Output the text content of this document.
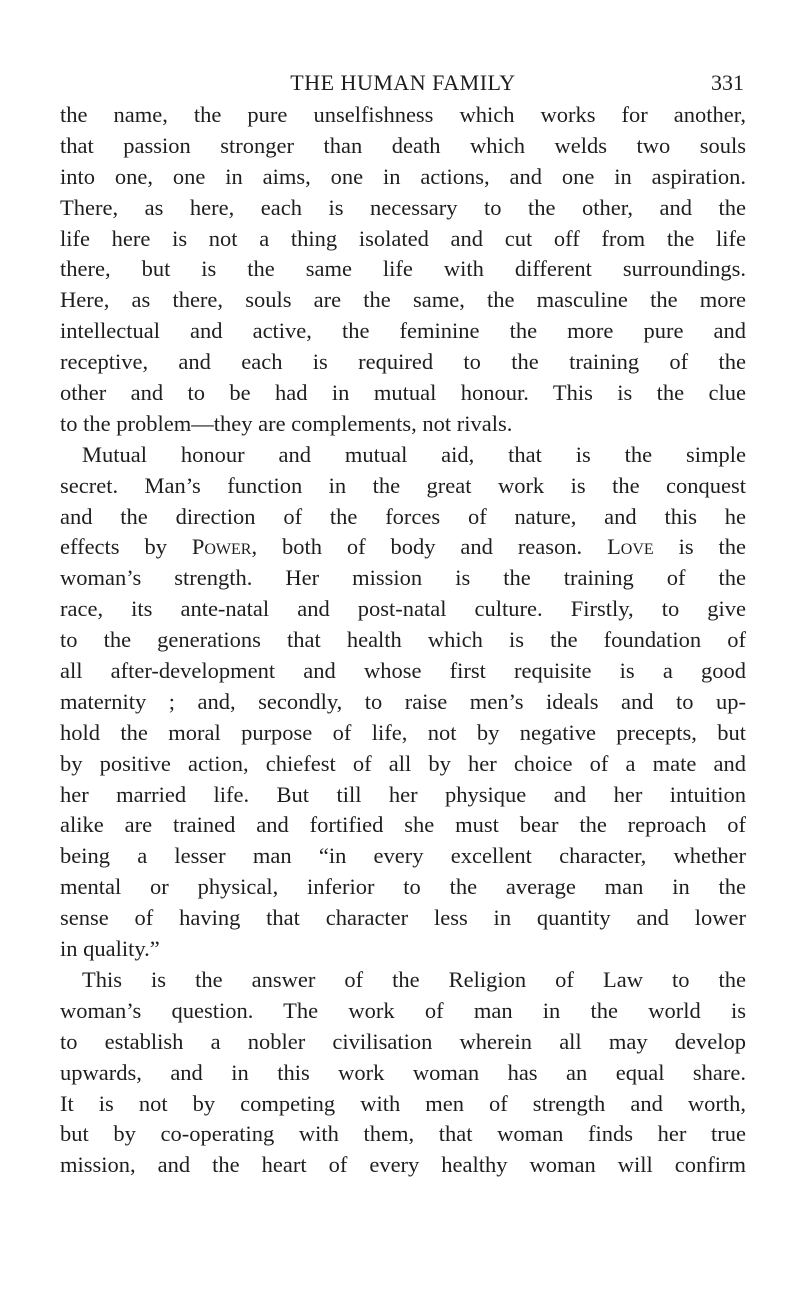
THE HUMAN FAMILY	331
the name, the pure unselfishness which works for another,
that passion stronger than death which welds two souls
into one, one in aims, one in actions, and one in aspiration.
There, as here, each is necessary to the other, and the
life here is not a thing isolated and cut off from the life
there, but is the same life with different surroundings.
Here, as there, souls are the same, the masculine the more
intellectual and active, the feminine the more pure and
receptive, and each is required to the training of the
other and to be had in mutual honour. This is the clue
to the problem—they are complements, not rivals.
Mutual honour and mutual aid, that is the simple
secret. Man’s function in the great work is the conquest
and the direction of the forces of nature, and this he
effects by Power, both of body and reason. Love is the
woman’s strength. Her mission is the training of the
race, its ante-natal and post-natal culture. Firstly, to give
to the generations that health which is the foundation of
all after-development and whose first requisite is a good
maternity ; and, secondly, to raise men’s ideals and to up-
hold the moral purpose of life, not by negative precepts, but
by positive action, chiefest of all by her choice of a mate and
her married life. But till her physique and her intuition
alike are trained and fortified she must bear the reproach of
being a lesser man “in every excellent character, whether
mental or physical, inferior to the average man in the
sense of having that character less in quantity and lower
in quality.”
This is the answer of the Religion of Law to the
woman’s question. The work of man in the world is
to establish a nobler civilisation wherein all may develop
upwards, and in this work woman has an equal share.
It is not by competing with men of strength and worth,
but by co-operating with them, that woman finds her true
mission, and the heart of every healthy woman will confirm
